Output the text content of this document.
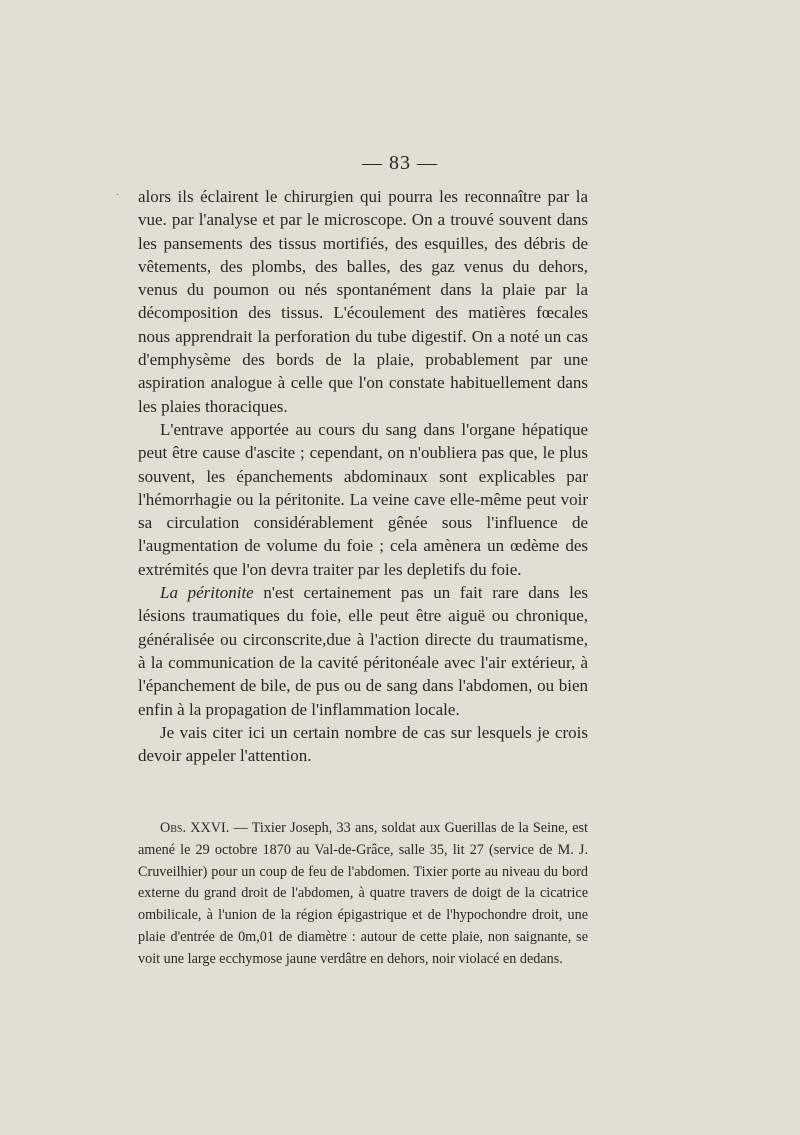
— 83 —
· alors ils éclairent le chirurgien qui pourra les reconnaître par la vue. par l'analyse et par le microscope. On a trouvé souvent dans les pansements des tissus mortifiés, des esquilles, des débris de vêtements, des plombs, des balles, des gaz venus du dehors, venus du poumon ou nés spontanément dans la plaie par la décomposition des tissus. L'écoulement des matières fœcales nous apprendrait la perforation du tube digestif. On a noté un cas d'emphysème des bords de la plaie, probablement par une aspiration analogue à celle que l'on constate habituellement dans les plaies thoraciques.

L'entrave apportée au cours du sang dans l'organe hépatique peut être cause d'ascite ; cependant, on n'oubliera pas que, le plus souvent, les épanchements abdominaux sont explicables par l'hémorrhagie ou la péritonite. La veine cave elle-même peut voir sa circulation considérablement gênée sous l'influence de l'augmentation de volume du foie ; cela amènera un œdème des extrémités que l'on devra traiter par les depletifs du foie.

La péritonite n'est certainement pas un fait rare dans les lésions traumatiques du foie, elle peut être aiguë ou chronique, généralisée ou circonscrite,due à l'action directe du traumatisme, à la communication de la cavité péritonéale avec l'air extérieur, à l'épanchement de bile, de pus ou de sang dans l'abdomen, ou bien enfin à la propagation de l'inflammation locale.

Je vais citer ici un certain nombre de cas sur lesquels je crois devoir appeler l'attention.

Obs. XXVI. — Tixier Joseph, 33 ans, soldat aux Guerillas de la Seine, est amené le 29 octobre 1870 au Val-de-Grâce, salle 35, lit 27 (service de M. J. Cruveilhier) pour un coup de feu de l'abdomen. Tixier porte au niveau du bord externe du grand droit de l'abdomen, à quatre travers de doigt de la cicatrice ombilicale, à l'union de la région épigastrique et de l'hypochondre droit, une plaie d'entrée de 0m,01 de diamètre : autour de cette plaie, non saignante, se voit une large ecchymose jaune verdâtre en dehors, noir violacé en dedans.
